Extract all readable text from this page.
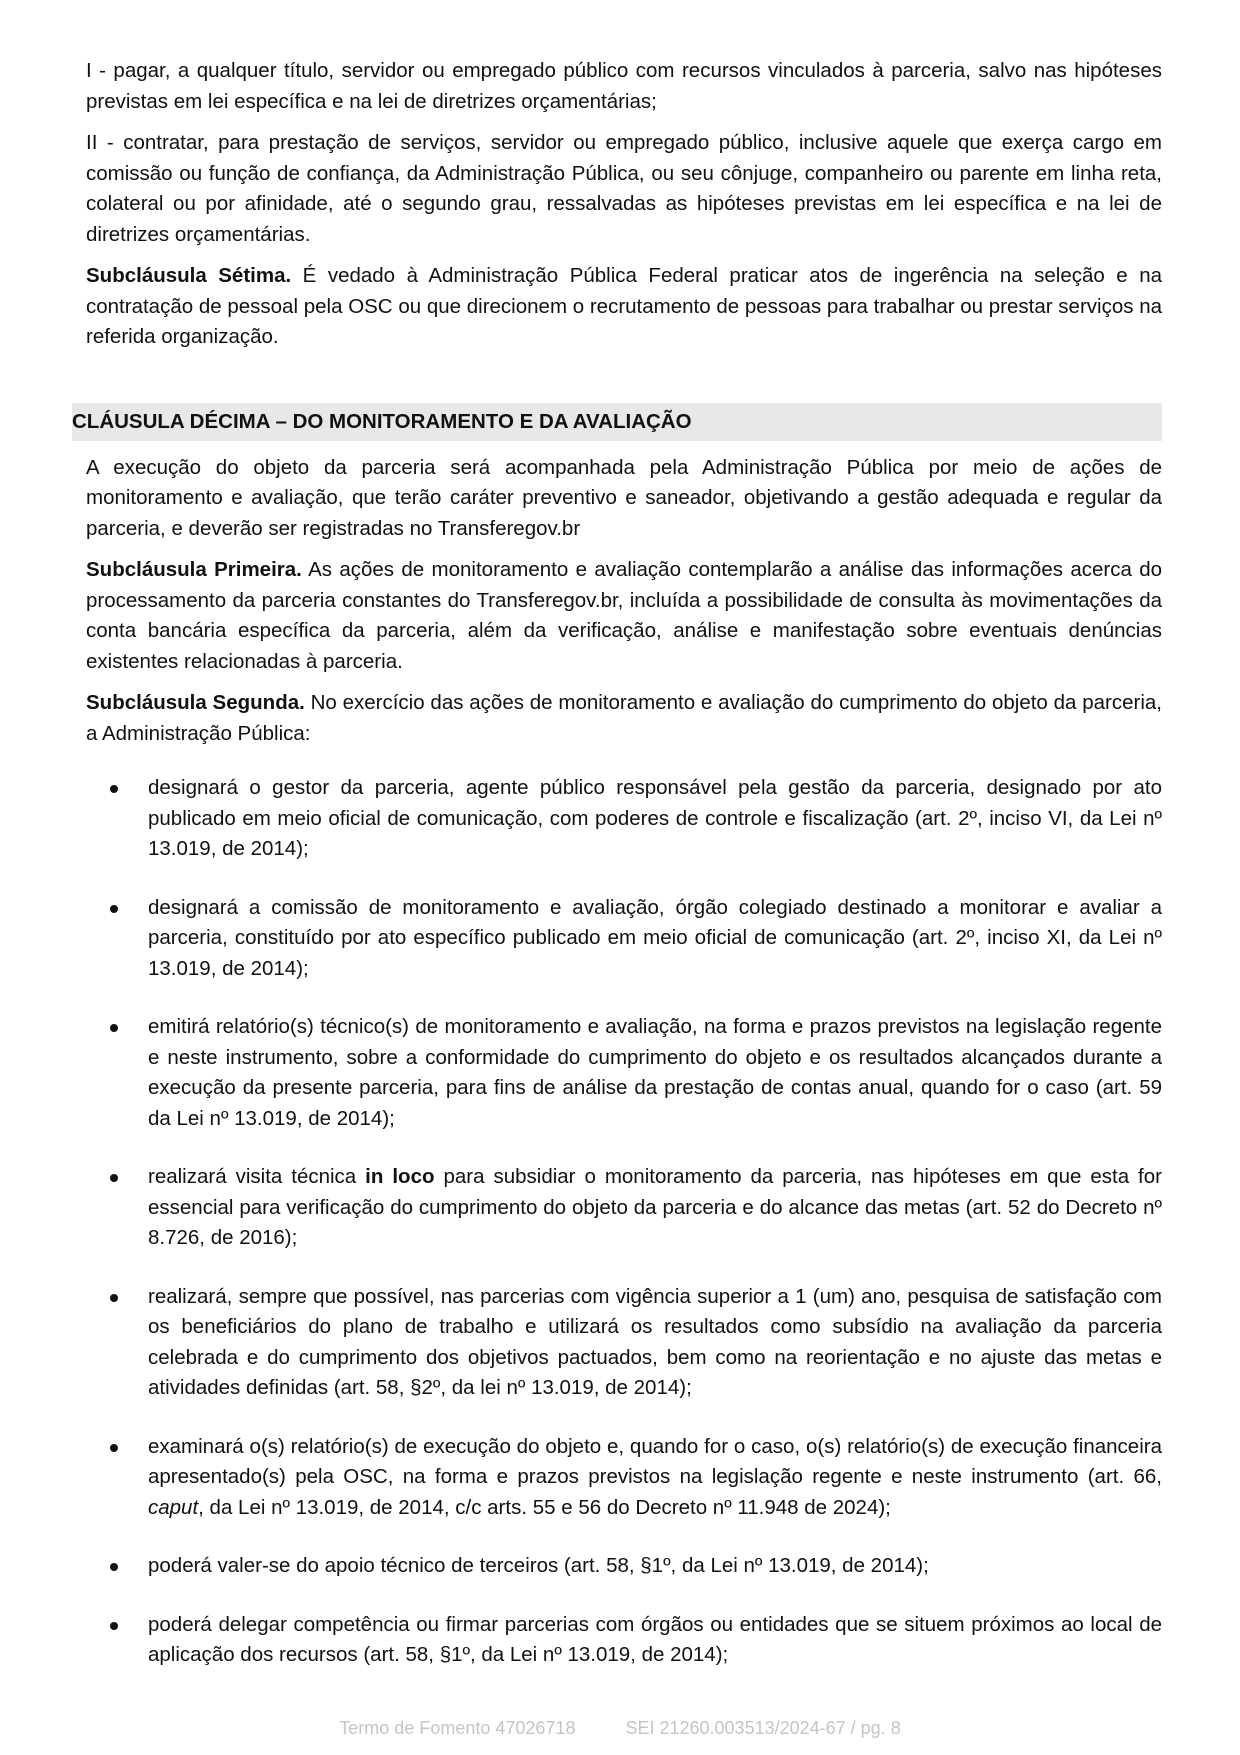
I - pagar, a qualquer título, servidor ou empregado público com recursos vinculados à parceria, salvo nas hipóteses previstas em lei específica e na lei de diretrizes orçamentárias;

II - contratar, para prestação de serviços, servidor ou empregado público, inclusive aquele que exerça cargo em comissão ou função de confiança, da Administração Pública, ou seu cônjuge, companheiro ou parente em linha reta, colateral ou por afinidade, até o segundo grau, ressalvadas as hipóteses previstas em lei específica e na lei de diretrizes orçamentárias.

Subcláusula Sétima. É vedado à Administração Pública Federal praticar atos de ingerência na seleção e na contratação de pessoal pela OSC ou que direcionem o recrutamento de pessoas para trabalhar ou prestar serviços na referida organização.

CLÁUSULA DÉCIMA – DO MONITORAMENTO E DA AVALIAÇÃO

A execução do objeto da parceria será acompanhada pela Administração Pública por meio de ações de monitoramento e avaliação, que terão caráter preventivo e saneador, objetivando a gestão adequada e regular da parceria, e deverão ser registradas no Transferegov.br

Subcláusula Primeira. As ações de monitoramento e avaliação contemplarão a análise das informações acerca do processamento da parceria constantes do Transferegov.br, incluída a possibilidade de consulta às movimentações da conta bancária específica da parceria, além da verificação, análise e manifestação sobre eventuais denúncias existentes relacionadas à parceria.

Subcláusula Segunda. No exercício das ações de monitoramento e avaliação do cumprimento do objeto da parceria, a Administração Pública:

designará o gestor da parceria, agente público responsável pela gestão da parceria, designado por ato publicado em meio oficial de comunicação, com poderes de controle e fiscalização (art. 2º, inciso VI, da Lei nº 13.019, de 2014);
designará a comissão de monitoramento e avaliação, órgão colegiado destinado a monitorar e avaliar a parceria, constituído por ato específico publicado em meio oficial de comunicação (art. 2º, inciso XI, da Lei nº 13.019, de 2014);
emitirá relatório(s) técnico(s) de monitoramento e avaliação, na forma e prazos previstos na legislação regente e neste instrumento, sobre a conformidade do cumprimento do objeto e os resultados alcançados durante a execução da presente parceria, para fins de análise da prestação de contas anual, quando for o caso (art. 59 da Lei nº 13.019, de 2014);
realizará visita técnica in loco para subsidiar o monitoramento da parceria, nas hipóteses em que esta for essencial para verificação do cumprimento do objeto da parceria e do alcance das metas (art. 52 do Decreto nº 8.726, de 2016);
realizará, sempre que possível, nas parcerias com vigência superior a 1 (um) ano, pesquisa de satisfação com os beneficiários do plano de trabalho e utilizará os resultados como subsídio na avaliação da parceria celebrada e do cumprimento dos objetivos pactuados, bem como na reorientação e no ajuste das metas e atividades definidas (art. 58, §2º, da lei nº 13.019, de 2014);
examinará o(s) relatório(s) de execução do objeto e, quando for o caso, o(s) relatório(s) de execução financeira apresentado(s) pela OSC, na forma e prazos previstos na legislação regente e neste instrumento (art. 66, caput, da Lei nº 13.019, de 2014, c/c arts. 55 e 56 do Decreto nº 11.948 de 2024);
poderá valer-se do apoio técnico de terceiros (art. 58, §1º, da Lei nº 13.019, de 2014);
poderá delegar competência ou firmar parcerias com órgãos ou entidades que se situem próximos ao local de aplicação dos recursos (art. 58, §1º, da Lei nº 13.019, de 2014);
Termo de Fomento 47026718	SEI 21260.003513/2024-67 / pg. 8
